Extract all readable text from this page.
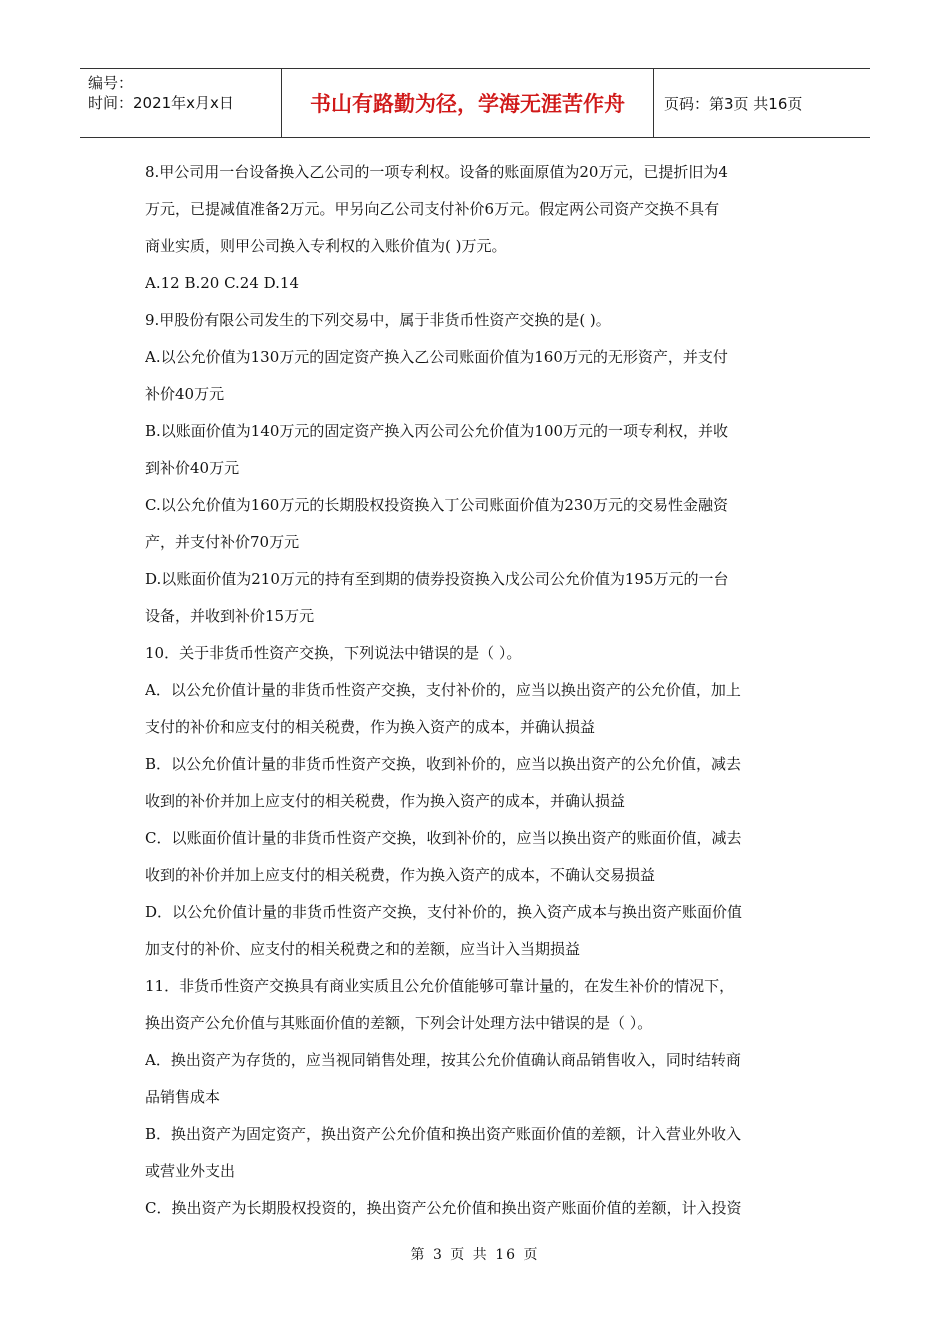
编号：
时间：2021年x月x日	书山有路勤为径，学海无涯苦作舟	页码：第3页 共16页
8.甲公司用一台设备换入乙公司的一项专利权。设备的账面原值为20万元，已提折旧为4
万元，已提减值准备2万元。甲另向乙公司支付补价6万元。假定两公司资产交换不具有
商业实质，则甲公司换入专利权的入账价值为( )万元。
A.12 B.20 C.24 D.14
9.甲股份有限公司发生的下列交易中，属于非货币性资产交换的是( )。
A.以公允价值为130万元的固定资产换入乙公司账面价值为160万元的无形资产，并支付
补价40万元
B.以账面价值为140万元的固定资产换入丙公司公允价值为100万元的一项专利权，并收
到补价40万元
C.以公允价值为160万元的长期股权投资换入丁公司账面价值为230万元的交易性金融资
产，并支付补价70万元
D.以账面价值为210万元的持有至到期的债券投资换入戊公司公允价值为195万元的一台
设备，并收到补价15万元
10．关于非货币性资产交换，下列说法中错误的是（ ）。
A．以公允价值计量的非货币性资产交换，支付补价的，应当以换出资产的公允价值，加上
支付的补价和应支付的相关税费，作为换入资产的成本，并确认损益
B．以公允价值计量的非货币性资产交换，收到补价的，应当以换出资产的公允价值，减去
收到的补价并加上应支付的相关税费，作为换入资产的成本，并确认损益
C．以账面价值计量的非货币性资产交换，收到补价的，应当以换出资产的账面价值，减去
收到的补价并加上应支付的相关税费，作为换入资产的成本，不确认交易损益
D．以公允价值计量的非货币性资产交换，支付补价的，换入资产成本与换出资产账面价值
加支付的补价、应支付的相关税费之和的差额，应当计入当期损益
11．非货币性资产交换具有商业实质且公允价值能够可靠计量的，在发生补价的情况下，
换出资产公允价值与其账面价值的差额，下列会计处理方法中错误的是（ ）。
A．换出资产为存货的，应当视同销售处理，按其公允价值确认商品销售收入，同时结转商
品销售成本
B．换出资产为固定资产，换出资产公允价值和换出资产账面价值的差额，计入营业外收入
或营业外支出
C．换出资产为长期股权投资的，换出资产公允价值和换出资产账面价值的差额，计入投资
第 3 页 共 16 页
